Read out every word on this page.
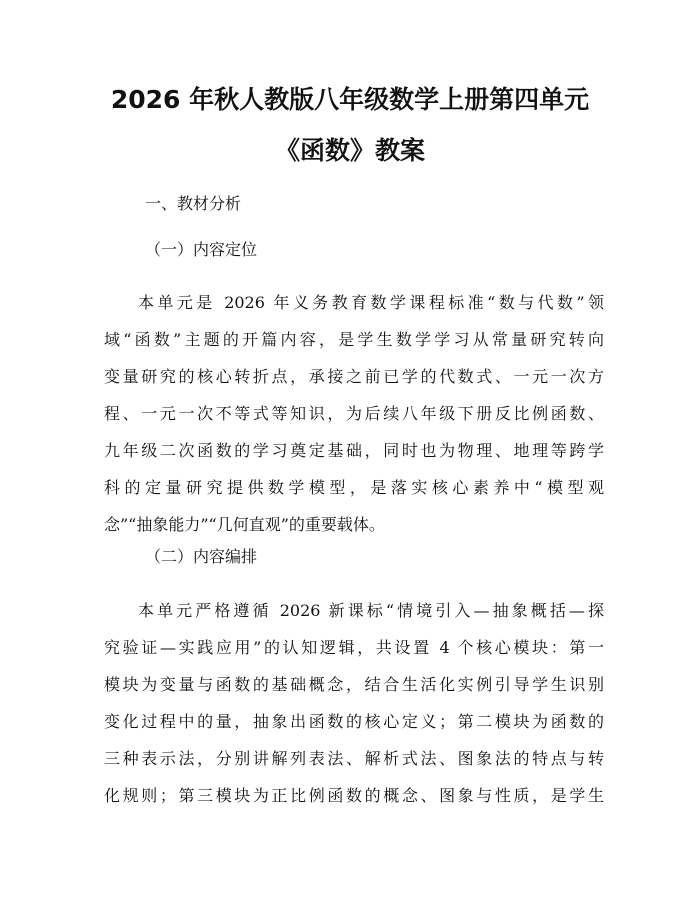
2026 年秋人教版八年级数学上册第四单元
《函数》教案
一、教材分析
（一）内容定位
本单元是 2026 年义务教育数学课程标准“数与代数”领
域“函数”主题的开篇内容，是学生数学学习从常量研究转向
变量研究的核心转折点，承接之前已学的代数式、一元一次方
程、一元一次不等式等知识，为后续八年级下册反比例函数、
九年级二次函数的学习奠定基础，同时也为物理、地理等跨学
科的定量研究提供数学模型，是落实核心素养中“模型观
念”“抽象能力”“几何直观”的重要载体。
（二）内容编排
本单元严格遵循 2026 新课标“情境引入—抽象概括—探
究验证—实践应用”的认知逻辑，共设置 4 个核心模块：第一
模块为变量与函数的基础概念，结合生活化实例引导学生识别
变化过程中的量，抽象出函数的核心定义；第二模块为函数的
三种表示法，分别讲解列表法、解析式法、图象法的特点与转
化规则；第三模块为正比例函数的概念、图象与性质，是学生
